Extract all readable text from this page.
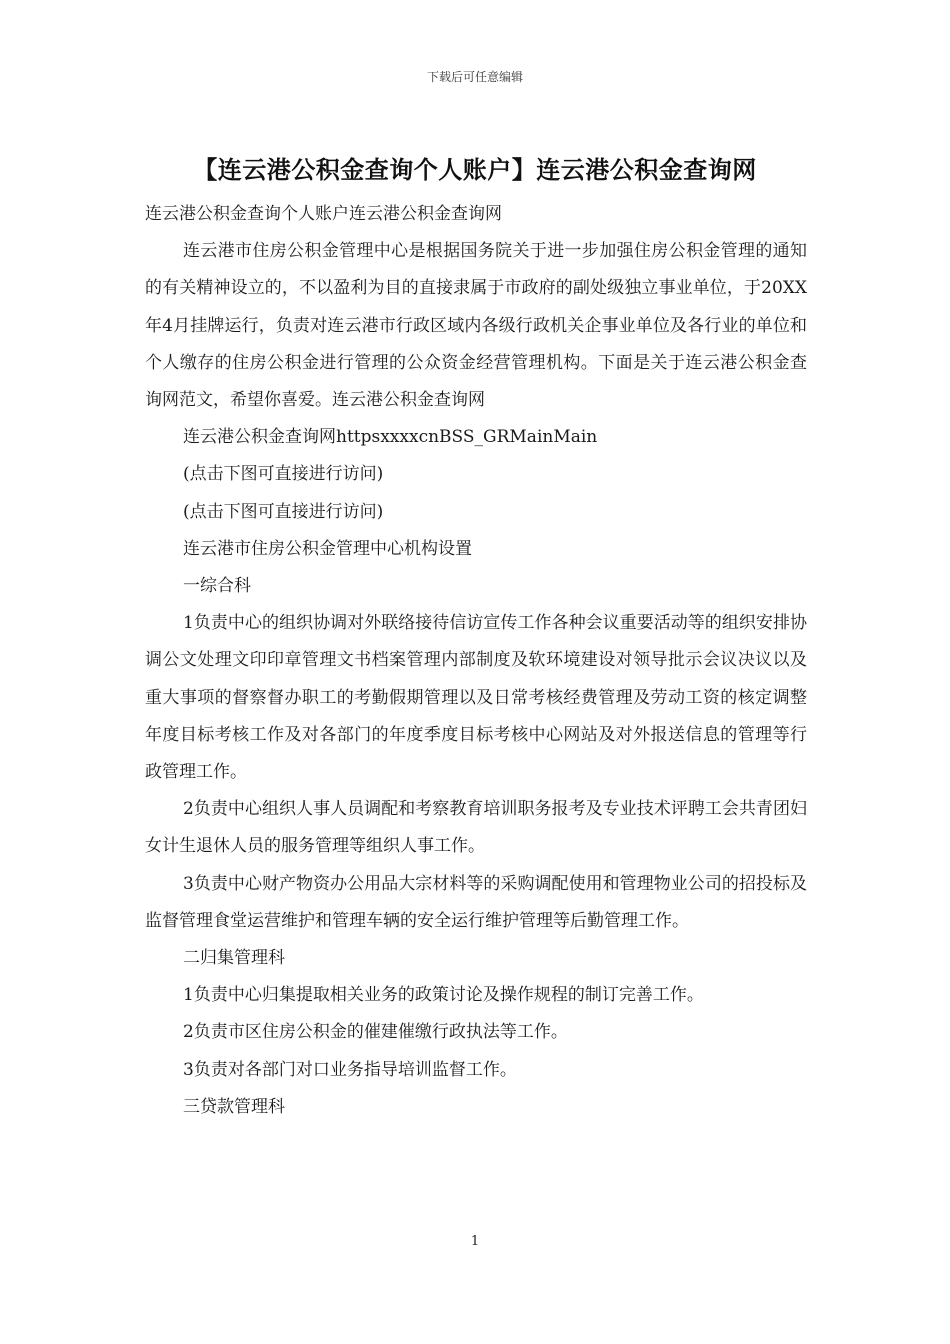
下载后可任意编辑
【连云港公积金查询个人账户】连云港公积金查询网

连云港公积金查询个人账户连云港公积金查询网

连云港市住房公积金管理中心是根据国务院关于进一步加强住房公积金管理的通知的有关精神设立的，不以盈利为目的直接隶属于市政府的副处级独立事业单位，于20XX年4月挂牌运行，负责对连云港市行政区域内各级行政机关企事业单位及各行业的单位和个人缴存的住房公积金进行管理的公众资金经营管理机构。下面是关于连云港公积金查询网范文，希望你喜爱。连云港公积金查询网

连云港公积金查询网httpsxxxxcnBSS_GRMainMain

(点击下图可直接进行访问)

(点击下图可直接进行访问)

连云港市住房公积金管理中心机构设置

一综合科

1负责中心的组织协调对外联络接待信访宣传工作各种会议重要活动等的组织安排协调公文处理文印印章管理文书档案管理内部制度及软环境建设对领导批示会议决议以及重大事项的督察督办职工的考勤假期管理以及日常考核经费管理及劳动工资的核定调整年度目标考核工作及对各部门的年度季度目标考核中心网站及对外报送信息的管理等行政管理工作。

2负责中心组织人事人员调配和考察教育培训职务报考及专业技术评聘工会共青团妇女计生退休人员的服务管理等组织人事工作。

3负责中心财产物资办公用品大宗材料等的采购调配使用和管理物业公司的招投标及监督管理食堂运营维护和管理车辆的安全运行维护管理等后勤管理工作。

二归集管理科

1负责中心归集提取相关业务的政策讨论及操作规程的制订完善工作。

2负责市区住房公积金的催建催缴行政执法等工作。

3负责对各部门对口业务指导培训监督工作。

三贷款管理科

1
